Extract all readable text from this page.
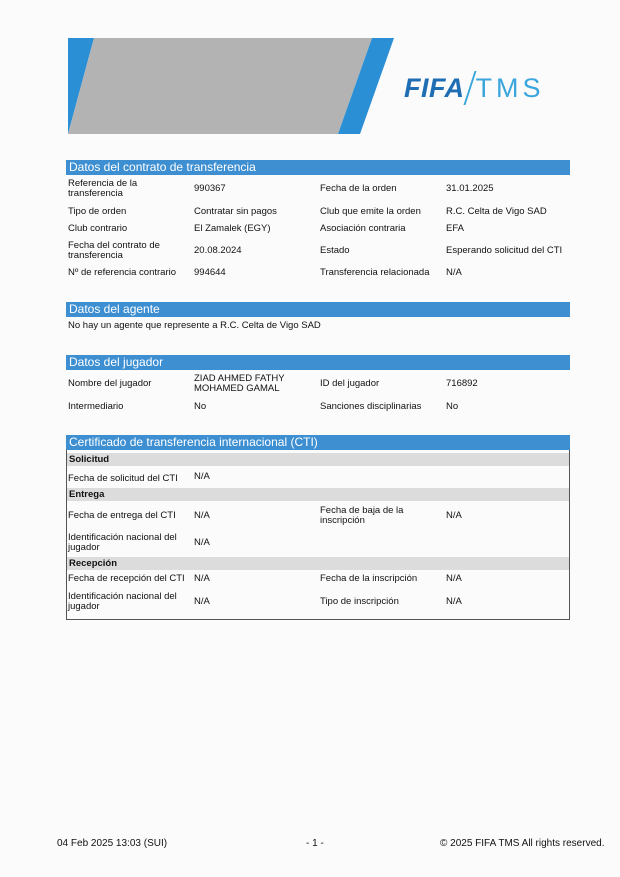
FIFA TMS
Datos del contrato de transferencia
Referencia de la transferencia	990367	Fecha de la orden	31.01.2025
Tipo de orden	Contratar sin pagos	Club que emite la orden	R.C. Celta de Vigo SAD
Club contrario	El Zamalek (EGY)	Asociación contraria	EFA
Fecha del contrato de transferencia	20.08.2024	Estado	Esperando solicitud del CTI
Nº de referencia contrario 994644	Transferencia relacionada N/A
Datos del agente
No hay un agente que represente a R.C. Celta de Vigo SAD
Datos del jugador
Nombre del jugador	ZIAD AHMED FATHY MOHAMED GAMAL	ID del jugador	716892
Intermediario	No	Sanciones disciplinarias	No
Certificado de transferencia internacional (CTI)
Solicitud
Fecha de solicitud del CTI N/A
Entrega
Fecha de entrega del CTI N/A	Fecha de baja de la inscripción	N/A
Identificación nacional del jugador	N/A
Recepción
Fecha de recepción del CTI N/A	Fecha de la inscripción	N/A
Identificación nacional del jugador	N/A	Tipo de inscripción	N/A
04 Feb 2025 13:03 (SUI)	- 1 -	© 2025 FIFA TMS All rights reserved.
